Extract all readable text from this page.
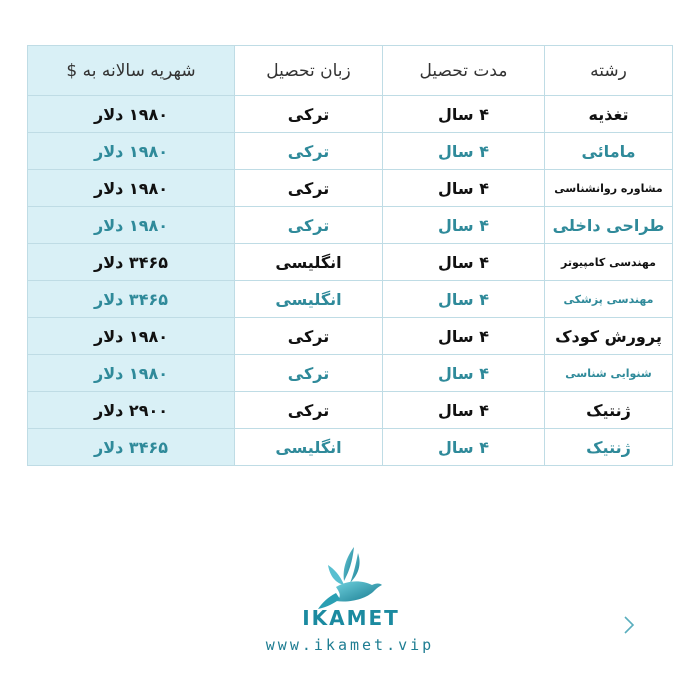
رشته	مدت تحصیل	زبان تحصیل	شهریه سالانه به $
تغذیه	۴ سال	ترکی	۱۹۸۰ دلار
مامائی	۴ سال	ترکی	۱۹۸۰ دلار
مشاوره روانشناسی	۴ سال	ترکی	۱۹۸۰ دلار
طراحی داخلی	۴ سال	ترکی	۱۹۸۰ دلار
مهندسی کامپیوتر	۴ سال	انگلیسی	۳۴۶۵ دلار
مهندسی پزشکی	۴ سال	انگلیسی	۳۴۶۵ دلار
پرورش کودک	۴ سال	ترکی	۱۹۸۰ دلار
شنوایی شناسی	۴ سال	ترکی	۱۹۸۰ دلار
ژنتیک	۴ سال	ترکی	۲۹۰۰ دلار
ژنتیک	۴ سال	انگلیسی	۳۴۶۵ دلار
IKAMET
www.ikamet.vip
